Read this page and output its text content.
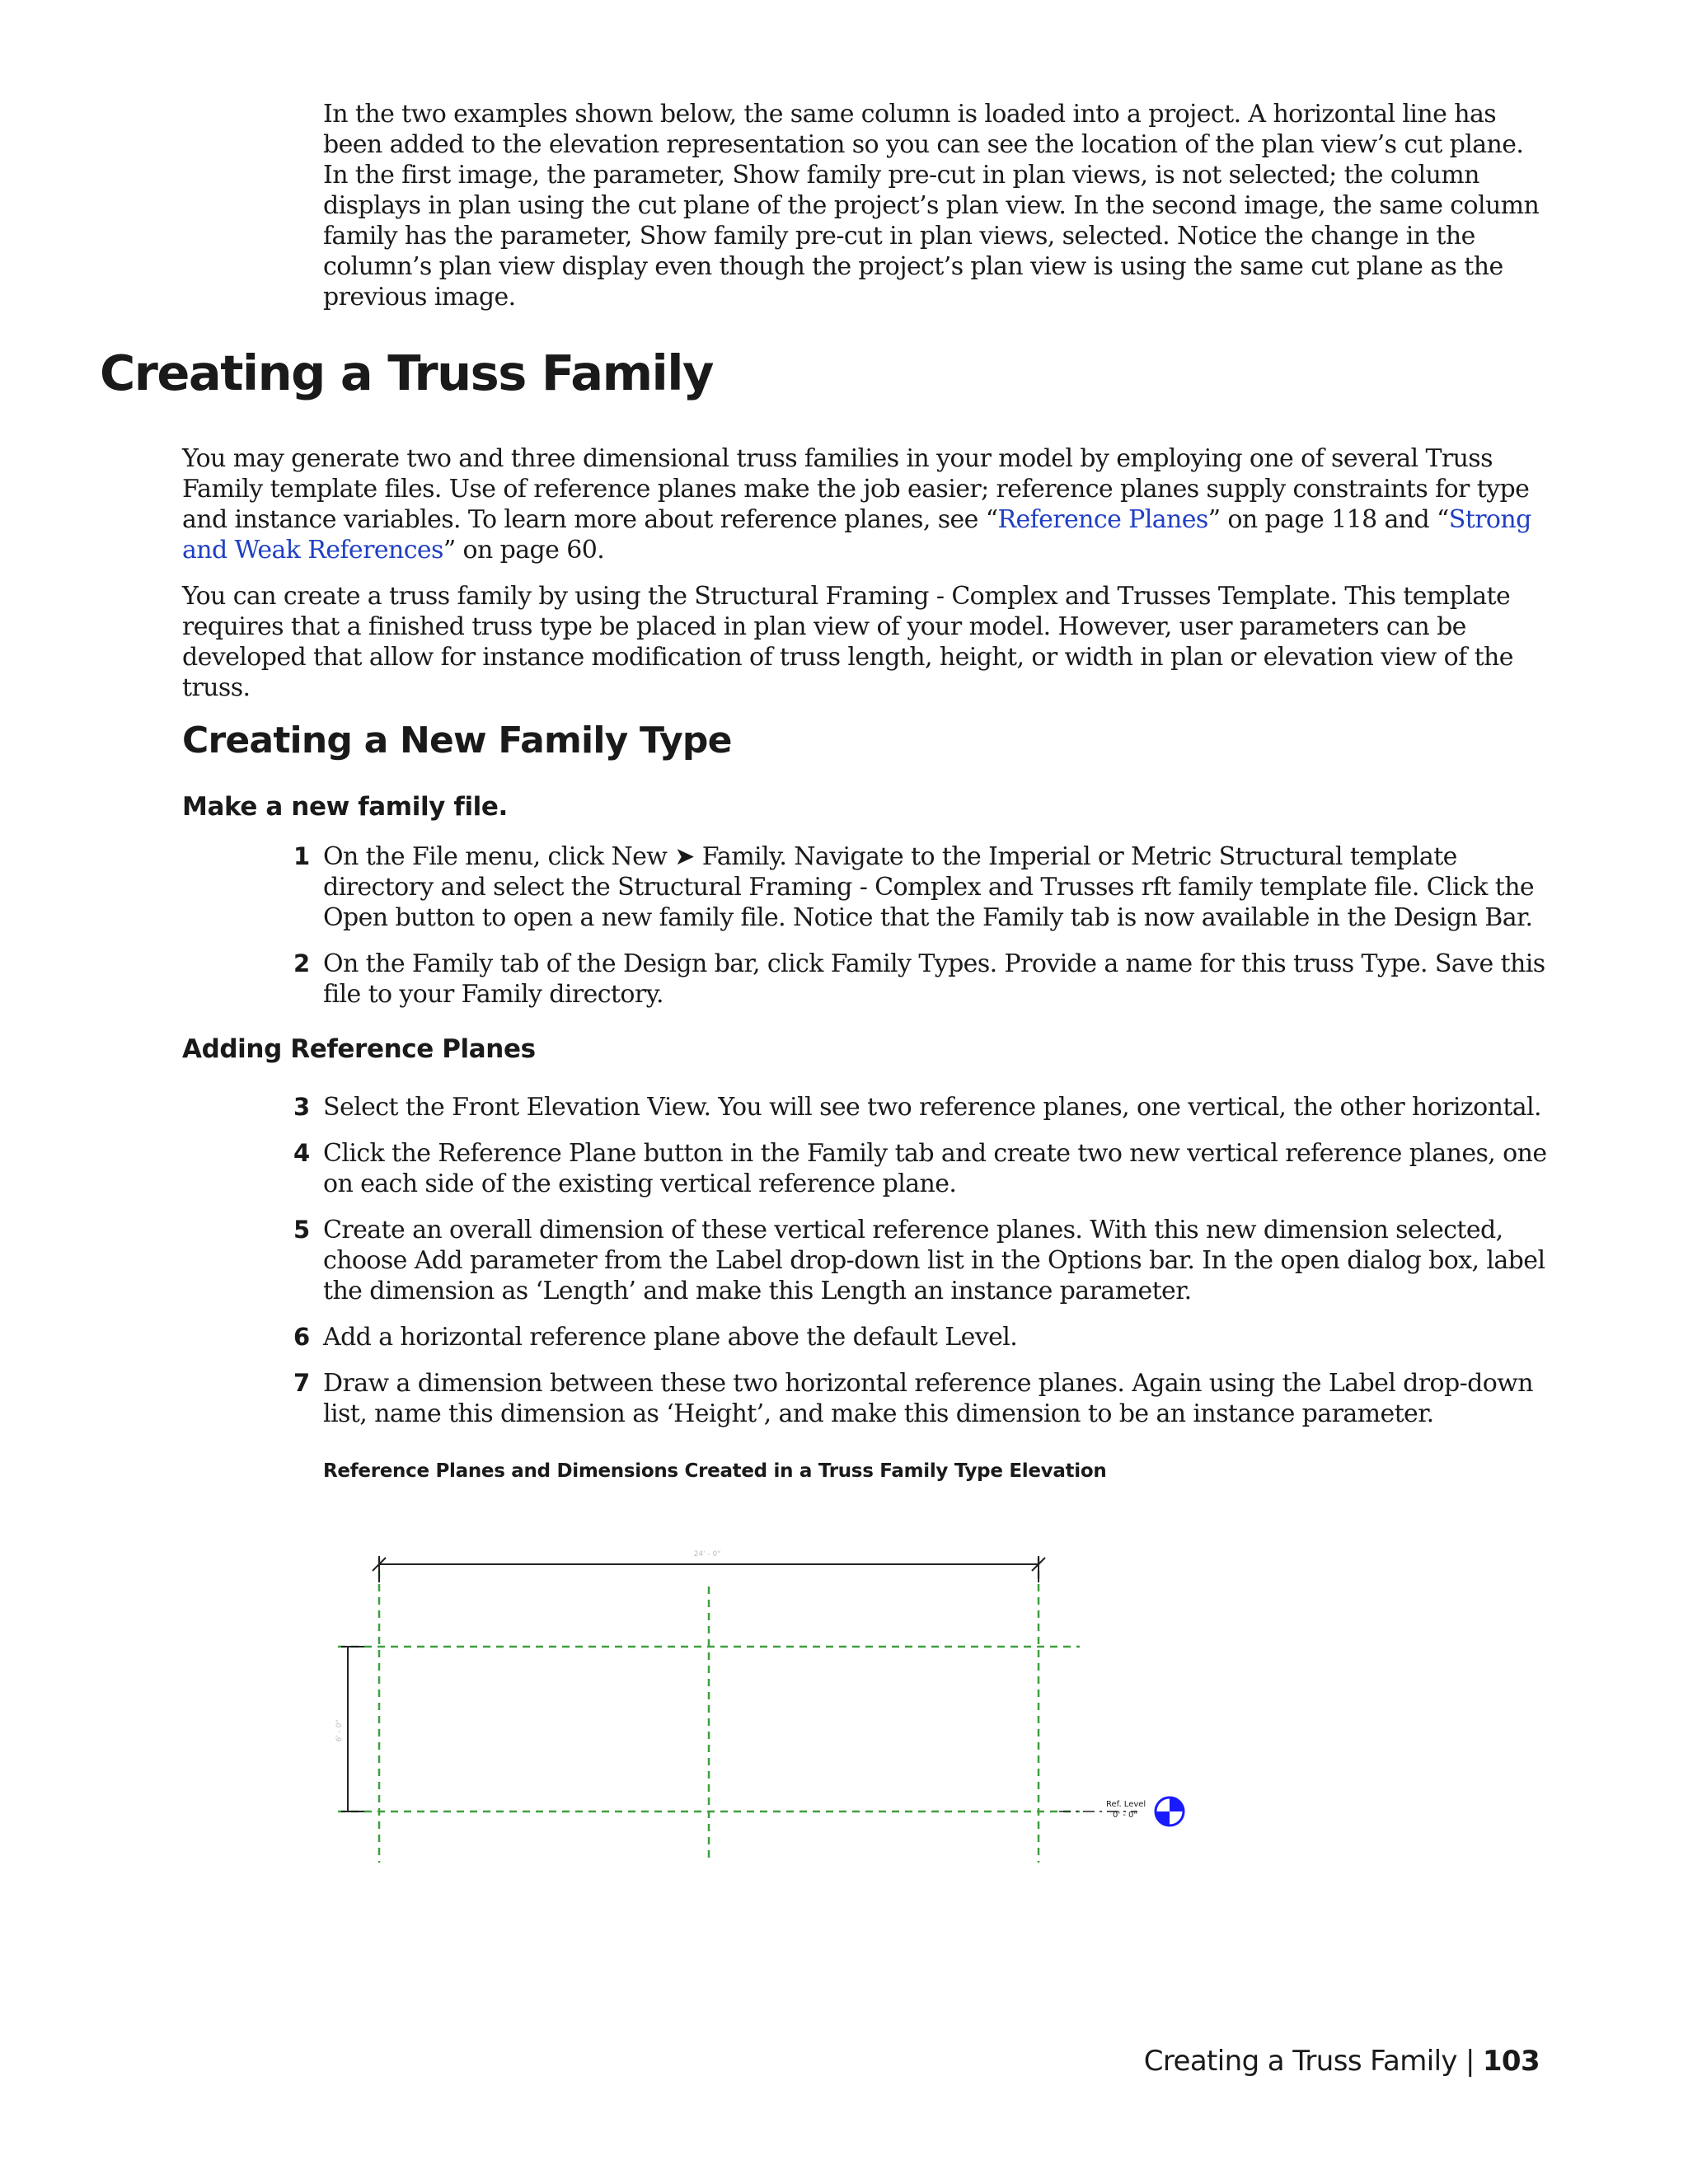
In the two examples shown below, the same column is loaded into a project. A horizontal line has been added to the elevation representation so you can see the location of the plan view’s cut plane. In the first image, the parameter, Show family pre-cut in plan views, is not selected; the column displays in plan using the cut plane of the project’s plan view. In the second image, the same column family has the parameter, Show family pre-cut in plan views, selected. Notice the change in the column’s plan view display even though the project’s plan view is using the same cut plane as the previous image.

Creating a Truss Family

You may generate two and three dimensional truss families in your model by employing one of several Truss Family template files. Use of reference planes make the job easier; reference planes supply constraints for type and instance variables. To learn more about reference planes, see “Reference Planes” on page 118 and “Strong and Weak References” on page 60.

You can create a truss family by using the Structural Framing - Complex and Trusses Template. This template requires that a finished truss type be placed in plan view of your model. However, user parameters can be developed that allow for instance modification of truss length, height, or width in plan or elevation view of the truss.

Creating a New Family Type
Make a new family file.
1 On the File menu, click New ➤ Family. Navigate to the Imperial or Metric Structural template directory and select the Structural Framing - Complex and Trusses rft family template file. Click the Open button to open a new family file. Notice that the Family tab is now available in the Design Bar.
2 On the Family tab of the Design bar, click Family Types. Provide a name for this truss Type. Save this file to your Family directory.
Adding Reference Planes
3 Select the Front Elevation View. You will see two reference planes, one vertical, the other horizontal.
4 Click the Reference Plane button in the Family tab and create two new vertical reference planes, one on each side of the existing vertical reference plane.
5 Create an overall dimension of these vertical reference planes. With this new dimension selected, choose Add parameter from the Label drop-down list in the Options bar. In the open dialog box, label the dimension as ‘Length’ and make this Length an instance parameter.
6 Add a horizontal reference plane above the default Level.
7 Draw a dimension between these two horizontal reference planes. Again using the Label drop-down list, name this dimension as ‘Height’, and make this dimension to be an instance parameter.

Reference Planes and Dimensions Created in a Truss Family Type Elevation

24' - 0"
6' - 0"
Ref. Level
0' - 0"
Creating a Truss Family | 103
